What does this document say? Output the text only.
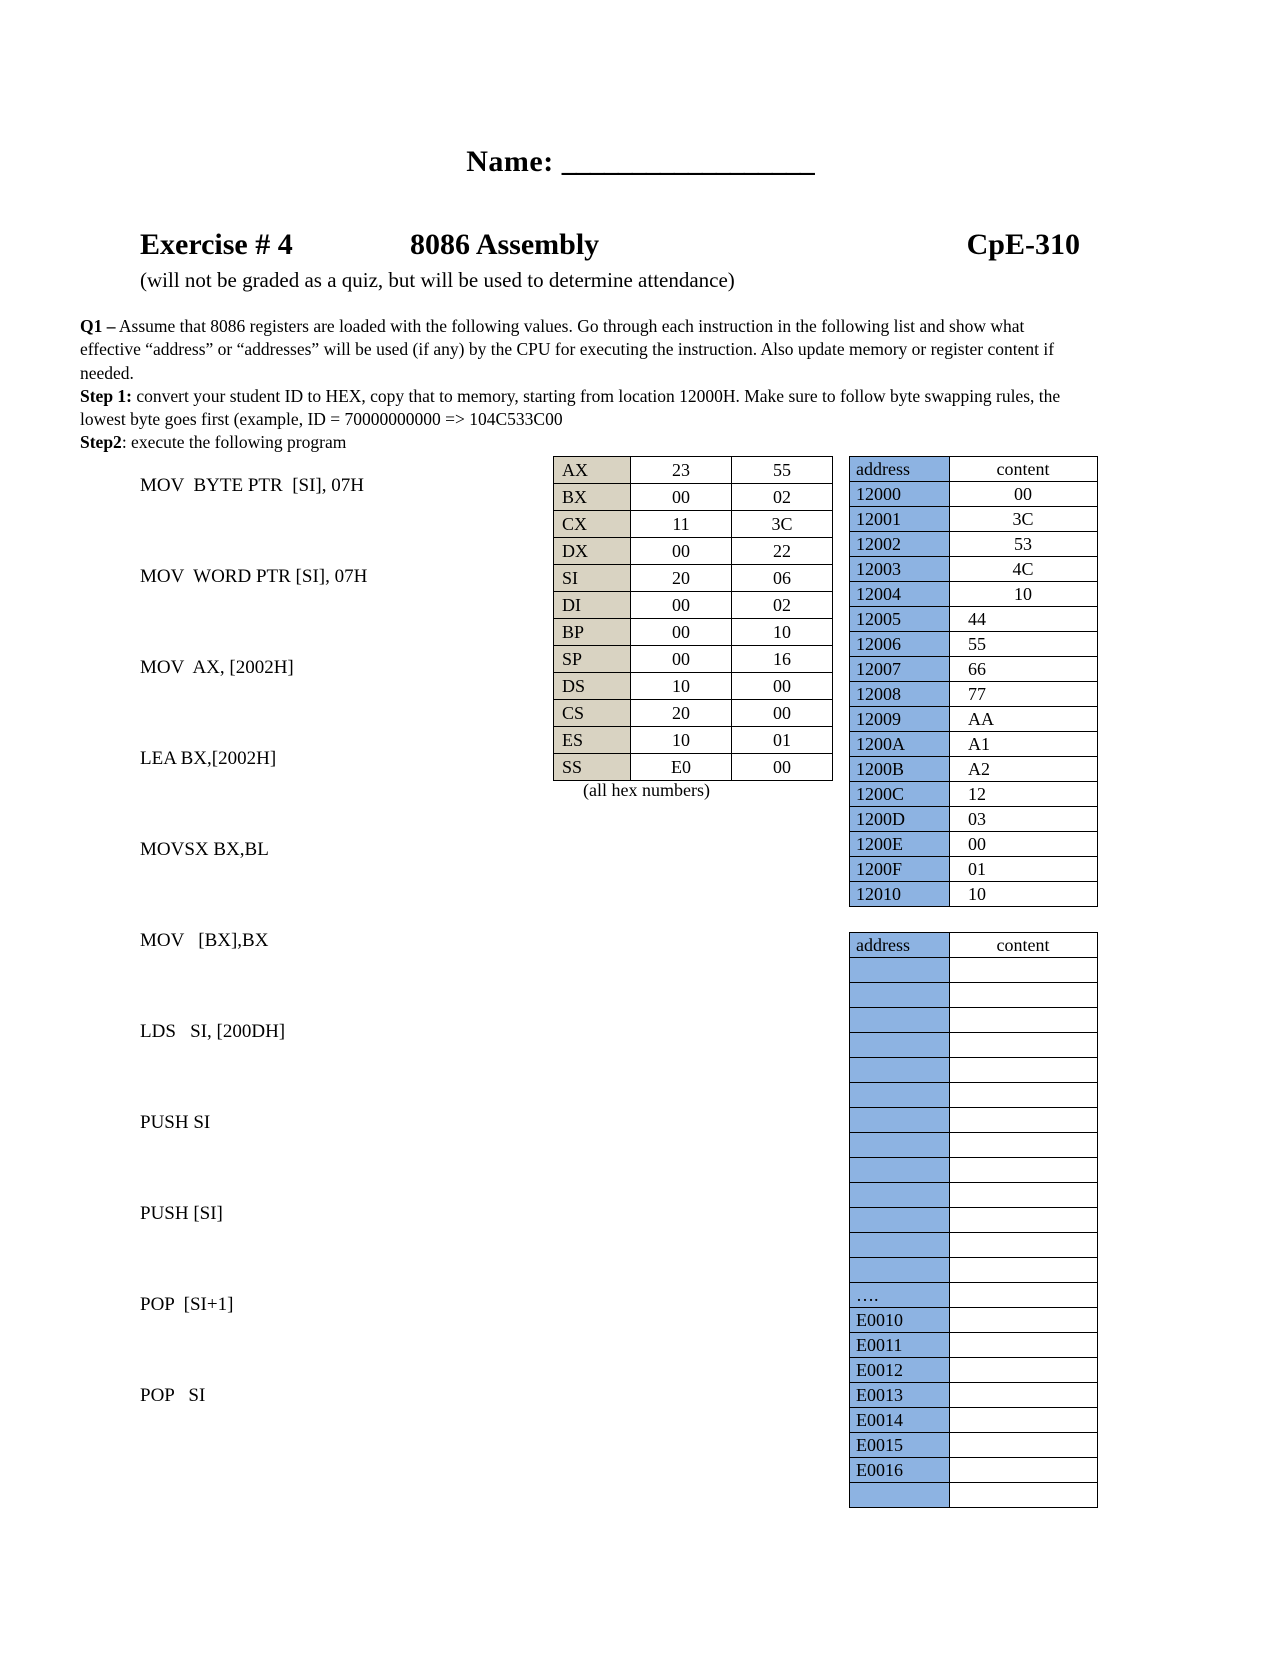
Name: __________________
Exercise # 4	8086 Assembly	CpE-310
(will not be graded as a quiz, but will be used to determine attendance)

Q1 – Assume that 8086 registers are loaded with the following values. Go through each instruction in the following list and show what effective “address” or “addresses” will be used (if any) by the CPU for executing the instruction. Also update memory or register content if needed.

Step 1: convert your student ID to HEX, copy that to memory, starting from location 12000H. Make sure to follow byte swapping rules, the lowest byte goes first (example, ID = 70000000000 => 104C533C00

Step2: execute the following program

MOV  BYTE PTR  [SI], 07H
MOV  WORD PTR [SI], 07H
MOV  AX, [2002H]
LEA BX,[2002H]
MOVSX BX,BL
MOV   [BX],BX
LDS   SI, [200DH]
PUSH SI
PUSH [SI]
POP  [SI+1]
POP   SI
AX	23	55
BX	00	02
CX	11	3C
DX	00	22
SI	20	06
DI	00	02
BP	00	10
SP	00	16
DS	10	00
CS	20	00
ES	10	01
SS	E0	00
(all hex numbers)
address	content
12000	00
12001	3C
12002	53
12003	4C
12004	10
12005	44
12006	55
12007	66
12008	77
12009	AA
1200A	A1
1200B	A2
1200C	12
1200D	03
1200E	00
1200F	01
12010	10
address	content

….	
E0010	
E0011	
E0012	
E0013	
E0014	
E0015	
E0016	
